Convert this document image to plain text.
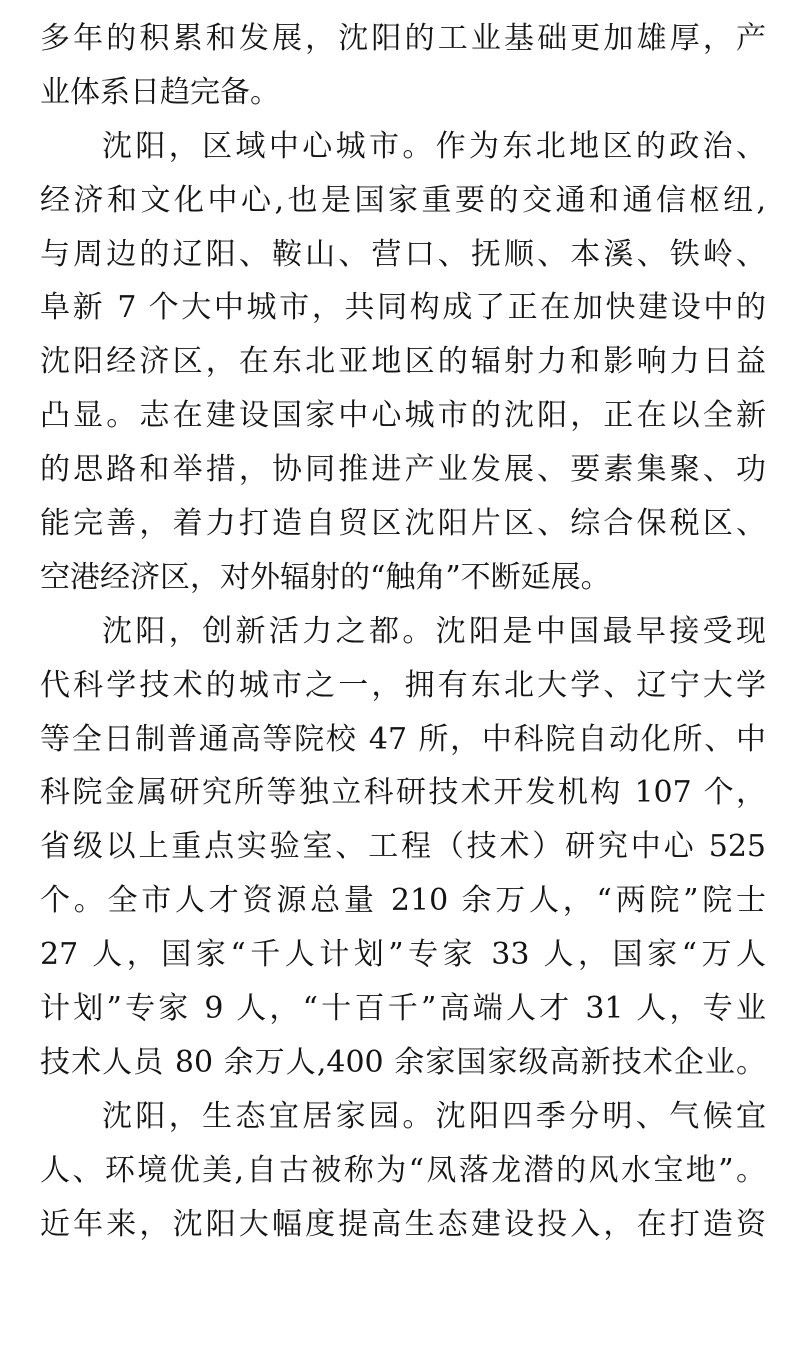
多年的积累和发展，沈阳的工业基础更加雄厚，产
业体系日趋完备。
沈阳，区域中心城市。作为东北地区的政治、
经济和文化中心,也是国家重要的交通和通信枢纽,
与周边的辽阳、鞍山、营口、抚顺、本溪、铁岭、
阜新 7 个大中城市，共同构成了正在加快建设中的
沈阳经济区，在东北亚地区的辐射力和影响力日益
凸显。志在建设国家中心城市的沈阳，正在以全新
的思路和举措，协同推进产业发展、要素集聚、功
能完善，着力打造自贸区沈阳片区、综合保税区、
空港经济区，对外辐射的“触角”不断延展。
沈阳，创新活力之都。沈阳是中国最早接受现
代科学技术的城市之一，拥有东北大学、辽宁大学
等全日制普通高等院校 47 所，中科院自动化所、中
科院金属研究所等独立科研技术开发机构 107 个，
省级以上重点实验室、工程（技术）研究中心 525
个。全市人才资源总量 210 余万人，“两院”院士
27 人，国家“千人计划”专家 33 人，国家“万人
计划”专家 9 人，“十百千”高端人才 31 人，专业
技术人员 80 余万人,400 余家国家级高新技术企业。
沈阳，生态宜居家园。沈阳四季分明、气候宜
人、环境优美,自古被称为“凤落龙潜的风水宝地”。
近年来，沈阳大幅度提高生态建设投入，在打造资
